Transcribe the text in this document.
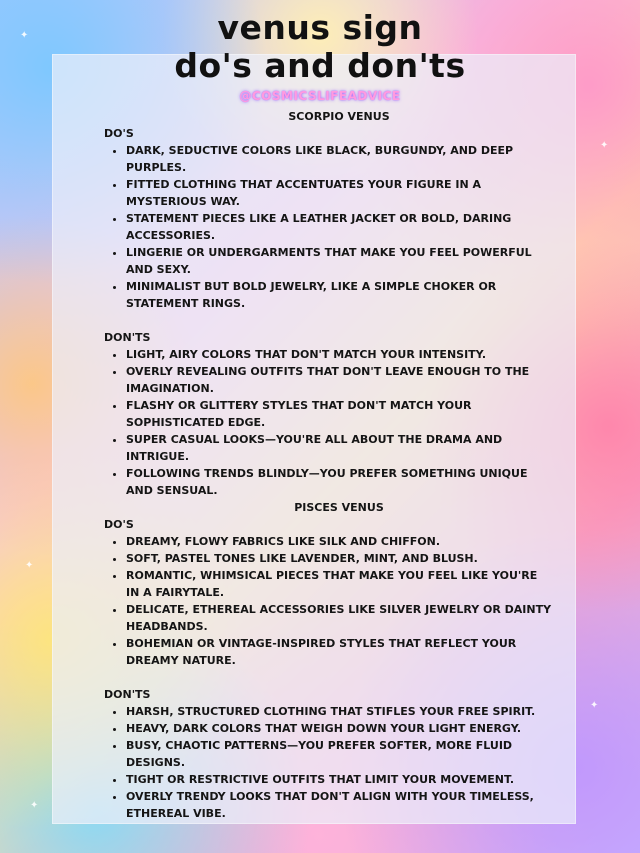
✦
✦
✦
✦
✦
venus sign
do's and don'ts
@COSMICSLIFEADVICE
SCORPIO VENUS
DO'S
• DARK, SEDUCTIVE COLORS LIKE BLACK, BURGUNDY, AND DEEP PURPLES.
• FITTED CLOTHING THAT ACCENTUATES YOUR FIGURE IN A MYSTERIOUS WAY.
• STATEMENT PIECES LIKE A LEATHER JACKET OR BOLD, DARING ACCESSORIES.
• LINGERIE OR UNDERGARMENTS THAT MAKE YOU FEEL POWERFUL AND SEXY.
• MINIMALIST BUT BOLD JEWELRY, LIKE A SIMPLE CHOKER OR STATEMENT RINGS.
DON'TS
• LIGHT, AIRY COLORS THAT DON'T MATCH YOUR INTENSITY.
• OVERLY REVEALING OUTFITS THAT DON'T LEAVE ENOUGH TO THE IMAGINATION.
• FLASHY OR GLITTERY STYLES THAT DON'T MATCH YOUR SOPHISTICATED EDGE.
• SUPER CASUAL LOOKS—YOU'RE ALL ABOUT THE DRAMA AND INTRIGUE.
• FOLLOWING TRENDS BLINDLY—YOU PREFER SOMETHING UNIQUE AND SENSUAL.
PISCES VENUS
DO'S
• DREAMY, FLOWY FABRICS LIKE SILK AND CHIFFON.
• SOFT, PASTEL TONES LIKE LAVENDER, MINT, AND BLUSH.
• ROMANTIC, WHIMSICAL PIECES THAT MAKE YOU FEEL LIKE YOU'RE IN A FAIRYTALE.
• DELICATE, ETHEREAL ACCESSORIES LIKE SILVER JEWELRY OR DAINTY HEADBANDS.
• BOHEMIAN OR VINTAGE-INSPIRED STYLES THAT REFLECT YOUR DREAMY NATURE.
DON'TS
• HARSH, STRUCTURED CLOTHING THAT STIFLES YOUR FREE SPIRIT.
• HEAVY, DARK COLORS THAT WEIGH DOWN YOUR LIGHT ENERGY.
• BUSY, CHAOTIC PATTERNS—YOU PREFER SOFTER, MORE FLUID DESIGNS.
• TIGHT OR RESTRICTIVE OUTFITS THAT LIMIT YOUR MOVEMENT.
• OVERLY TRENDY LOOKS THAT DON'T ALIGN WITH YOUR TIMELESS, ETHEREAL VIBE.
